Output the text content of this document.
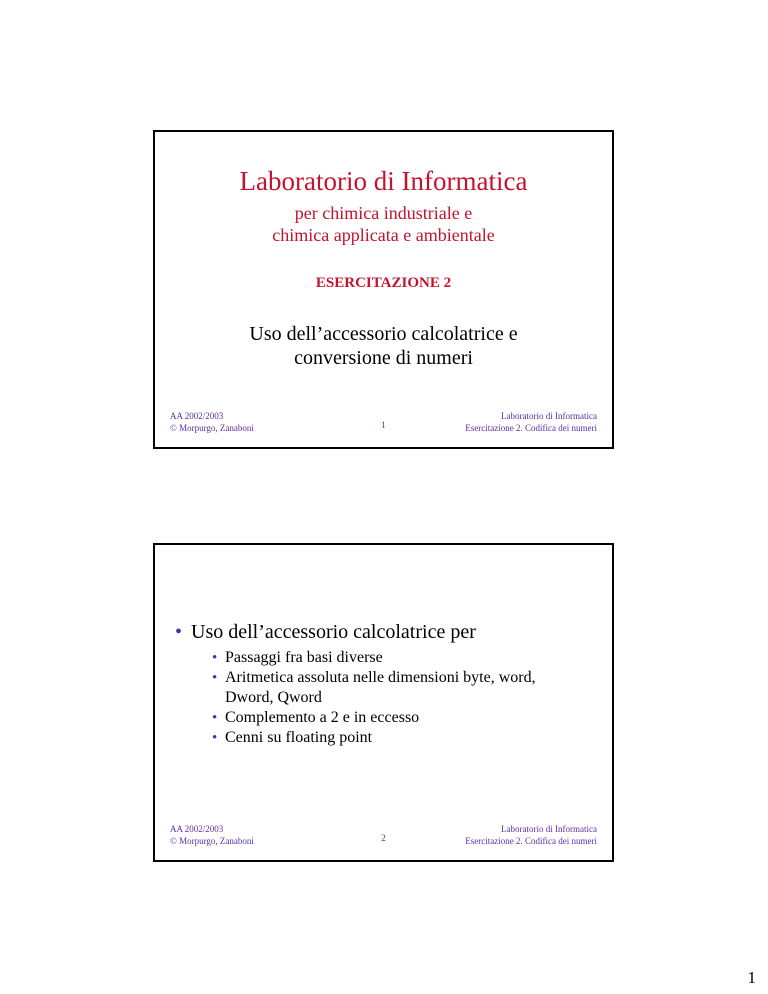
Laboratorio di Informatica
per chimica industriale e
chimica applicata e ambientale
ESERCITAZIONE 2
Uso dell’accessorio calcolatrice e
conversione di numeri
AA 2002/2003
© Morpurgo, Zanaboni	1
Laboratorio di Informatica
Esercitazione 2. Codifica dei numeri
• Uso dell’accessorio calcolatrice per
• Passaggi fra basi diverse
• Aritmetica assoluta nelle dimensioni byte, word, Dword, Qword
• Complemento a 2 e in eccesso
• Cenni su floating point
AA 2002/2003
© Morpurgo, Zanaboni	2
Laboratorio di Informatica
Esercitazione 2. Codifica dei numeri
1
